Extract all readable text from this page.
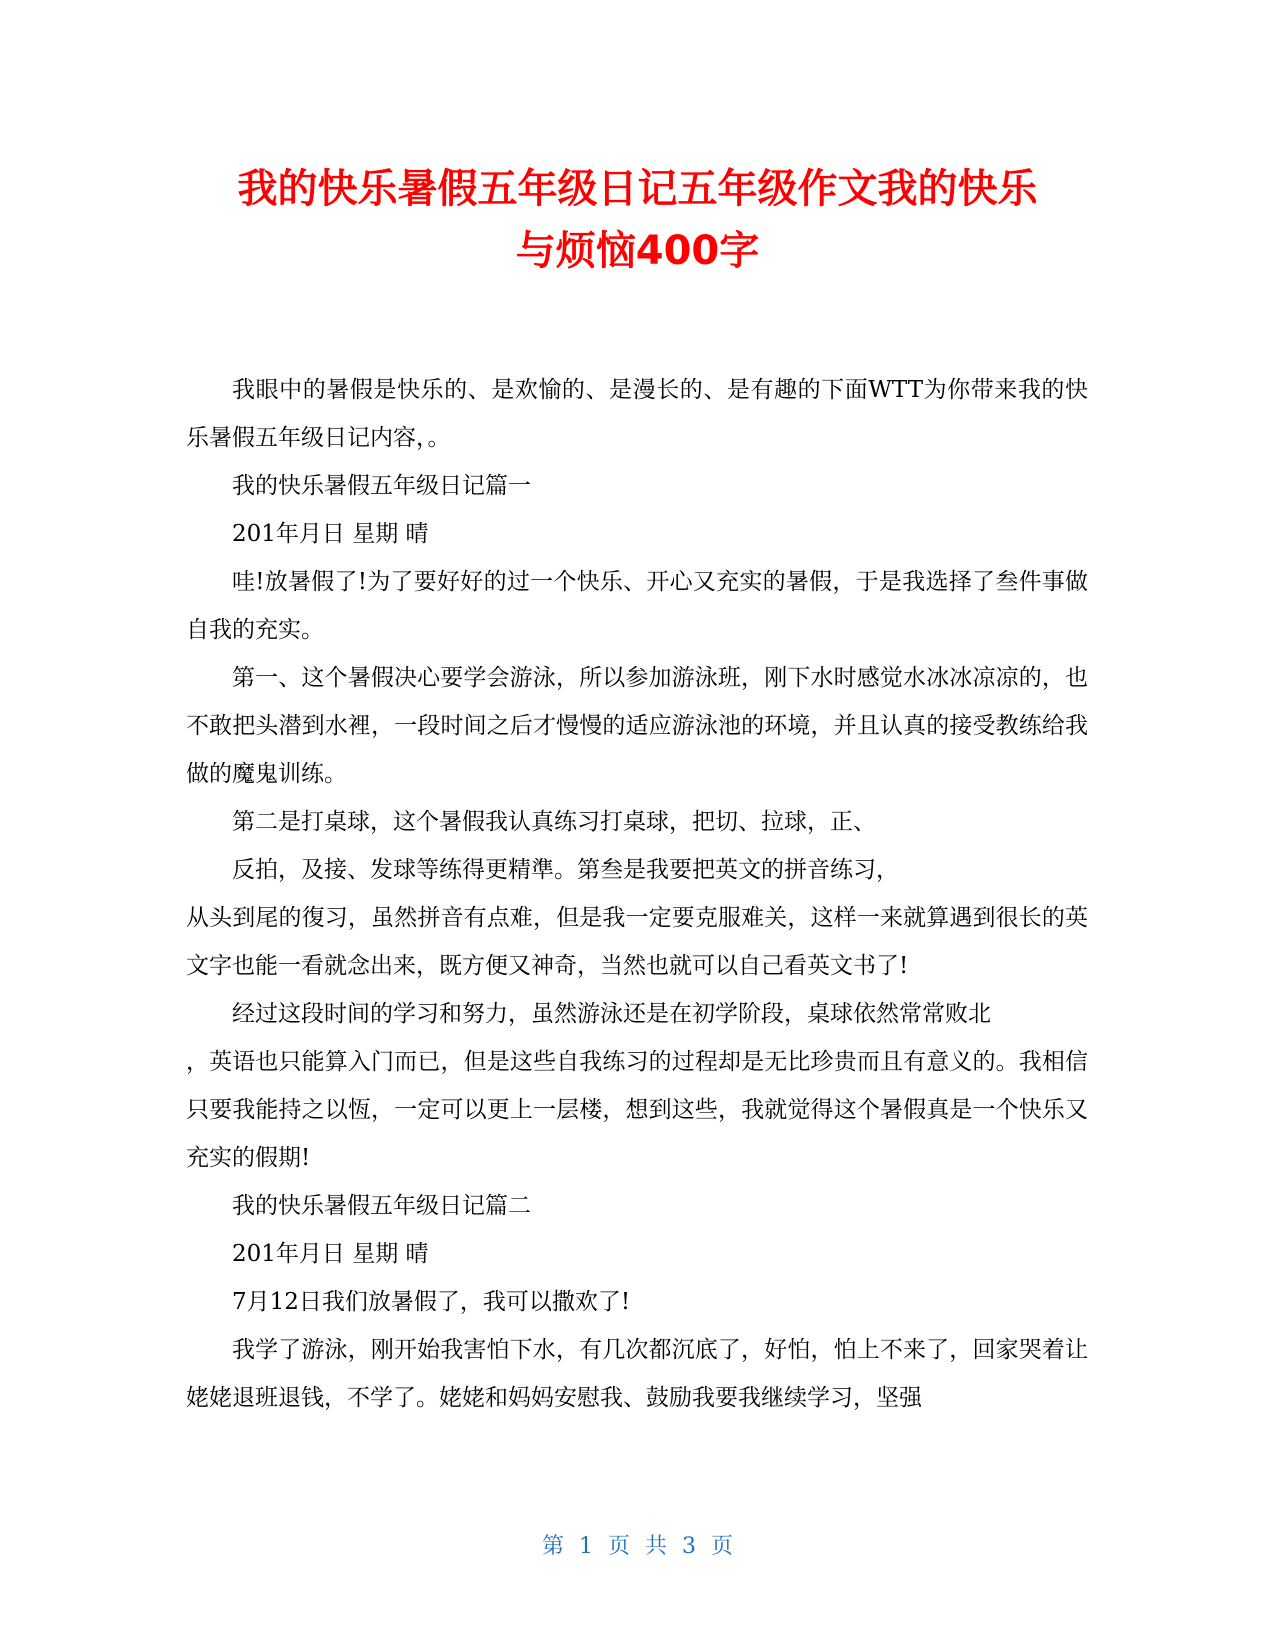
我的快乐暑假五年级日记五年级作文我的快乐
与烦恼400字

我眼中的暑假是快乐的、是欢愉的、是漫长的、是有趣的下面WTT为你带来我的快乐暑假五年级日记内容，。

我的快乐暑假五年级日记篇一

201年月日 星期 晴

哇!放暑假了!为了要好好的过一个快乐、开心又充实的暑假，于是我选择了叁件事做自我的充实。

第一、这个暑假决心要学会游泳，所以参加游泳班，刚下水时感觉水冰冰凉凉的，也不敢把头潜到水裡，一段时间之后才慢慢的适应游泳池的环境，并且认真的接受教练给我做的魔鬼训练。

第二是打桌球，这个暑假我认真练习打桌球，把切、拉球，正、

反拍，及接、发球等练得更精準。第叁是我要把英文的拼音练习，

从头到尾的復习，虽然拼音有点难，但是我一定要克服难关，这样一来就算遇到很长的英文字也能一看就念出来，既方便又神奇，当然也就可以自己看英文书了!

经过这段时间的学习和努力，虽然游泳还是在初学阶段，桌球依然常常败北

，英语也只能算入门而已，但是这些自我练习的过程却是无比珍贵而且有意义的。我相信只要我能持之以恆，一定可以更上一层楼，想到这些，我就觉得这个暑假真是一个快乐又充实的假期!

我的快乐暑假五年级日记篇二

201年月日 星期 晴

7月12日我们放暑假了，我可以撒欢了!

我学了游泳，刚开始我害怕下水，有几次都沉底了，好怕，怕上不来了，回家哭着让姥姥退班退钱，不学了。姥姥和妈妈安慰我、鼓励我要我继续学习，坚强

第 1 页 共 3 页
